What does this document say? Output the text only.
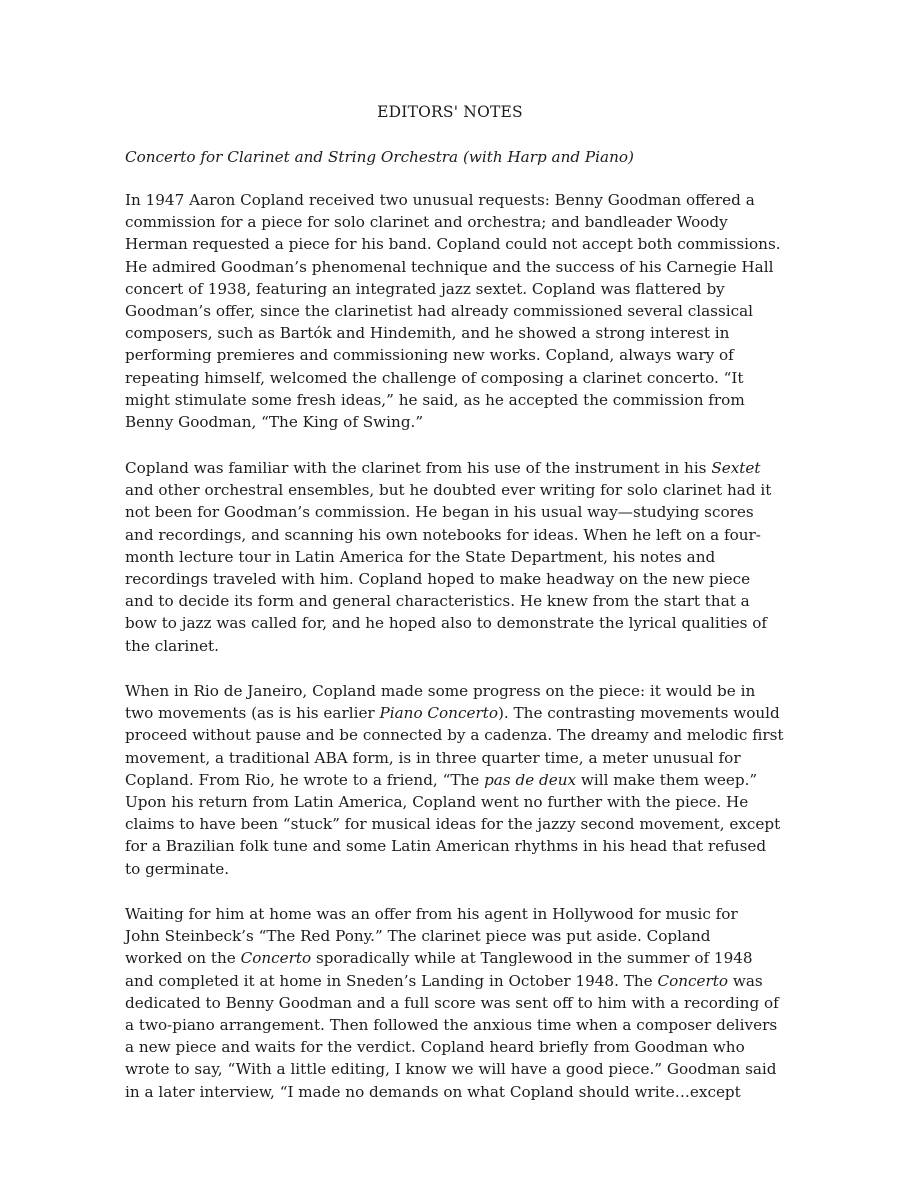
EDITORS' NOTES
Concerto for Clarinet and String Orchestra (with Harp and Piano)
In 1947 Aaron Copland received two unusual requests: Benny Goodman offered a
commission for a piece for solo clarinet and orchestra; and bandleader Woody
Herman requested a piece for his band. Copland could not accept both commissions.
He admired Goodman’s phenomenal technique and the success of his Carnegie Hall
concert of 1938, featuring an integrated jazz sextet. Copland was flattered by
Goodman’s offer, since the clarinetist had already commissioned several classical
composers, such as Bartók and Hindemith, and he showed a strong interest in
performing premieres and commissioning new works. Copland, always wary of
repeating himself, welcomed the challenge of composing a clarinet concerto. “It
might stimulate some fresh ideas,” he said, as he accepted the commission from
Benny Goodman, “The King of Swing.”
Copland was familiar with the clarinet from his use of the instrument in his Sextet
and other orchestral ensembles, but he doubted ever writing for solo clarinet had it
not been for Goodman’s commission. He began in his usual way—studying scores
and recordings, and scanning his own notebooks for ideas. When he left on a four-
month lecture tour in Latin America for the State Department, his notes and
recordings traveled with him. Copland hoped to make headway on the new piece
and to decide its form and general characteristics. He knew from the start that a
bow to jazz was called for, and he hoped also to demonstrate the lyrical qualities of
the clarinet.
When in Rio de Janeiro, Copland made some progress on the piece: it would be in
two movements (as is his earlier Piano Concerto). The contrasting movements would
proceed without pause and be connected by a cadenza. The dreamy and melodic first
movement, a traditional ABA form, is in three quarter time, a meter unusual for
Copland. From Rio, he wrote to a friend, “The pas de deux will make them weep.”
Upon his return from Latin America, Copland went no further with the piece. He
claims to have been “stuck” for musical ideas for the jazzy second movement, except
for a Brazilian folk tune and some Latin American rhythms in his head that refused
to germinate.
Waiting for him at home was an offer from his agent in Hollywood for music for
John Steinbeck’s “The Red Pony.” The clarinet piece was put aside. Copland
worked on the Concerto sporadically while at Tanglewood in the summer of 1948
and completed it at home in Sneden’s Landing in October 1948. The Concerto was
dedicated to Benny Goodman and a full score was sent off to him with a recording of
a two-piano arrangement. Then followed the anxious time when a composer delivers
a new piece and waits for the verdict. Copland heard briefly from Goodman who
wrote to say, “With a little editing, I know we will have a good piece.” Goodman said
in a later interview, “I made no demands on what Copland should write…except
